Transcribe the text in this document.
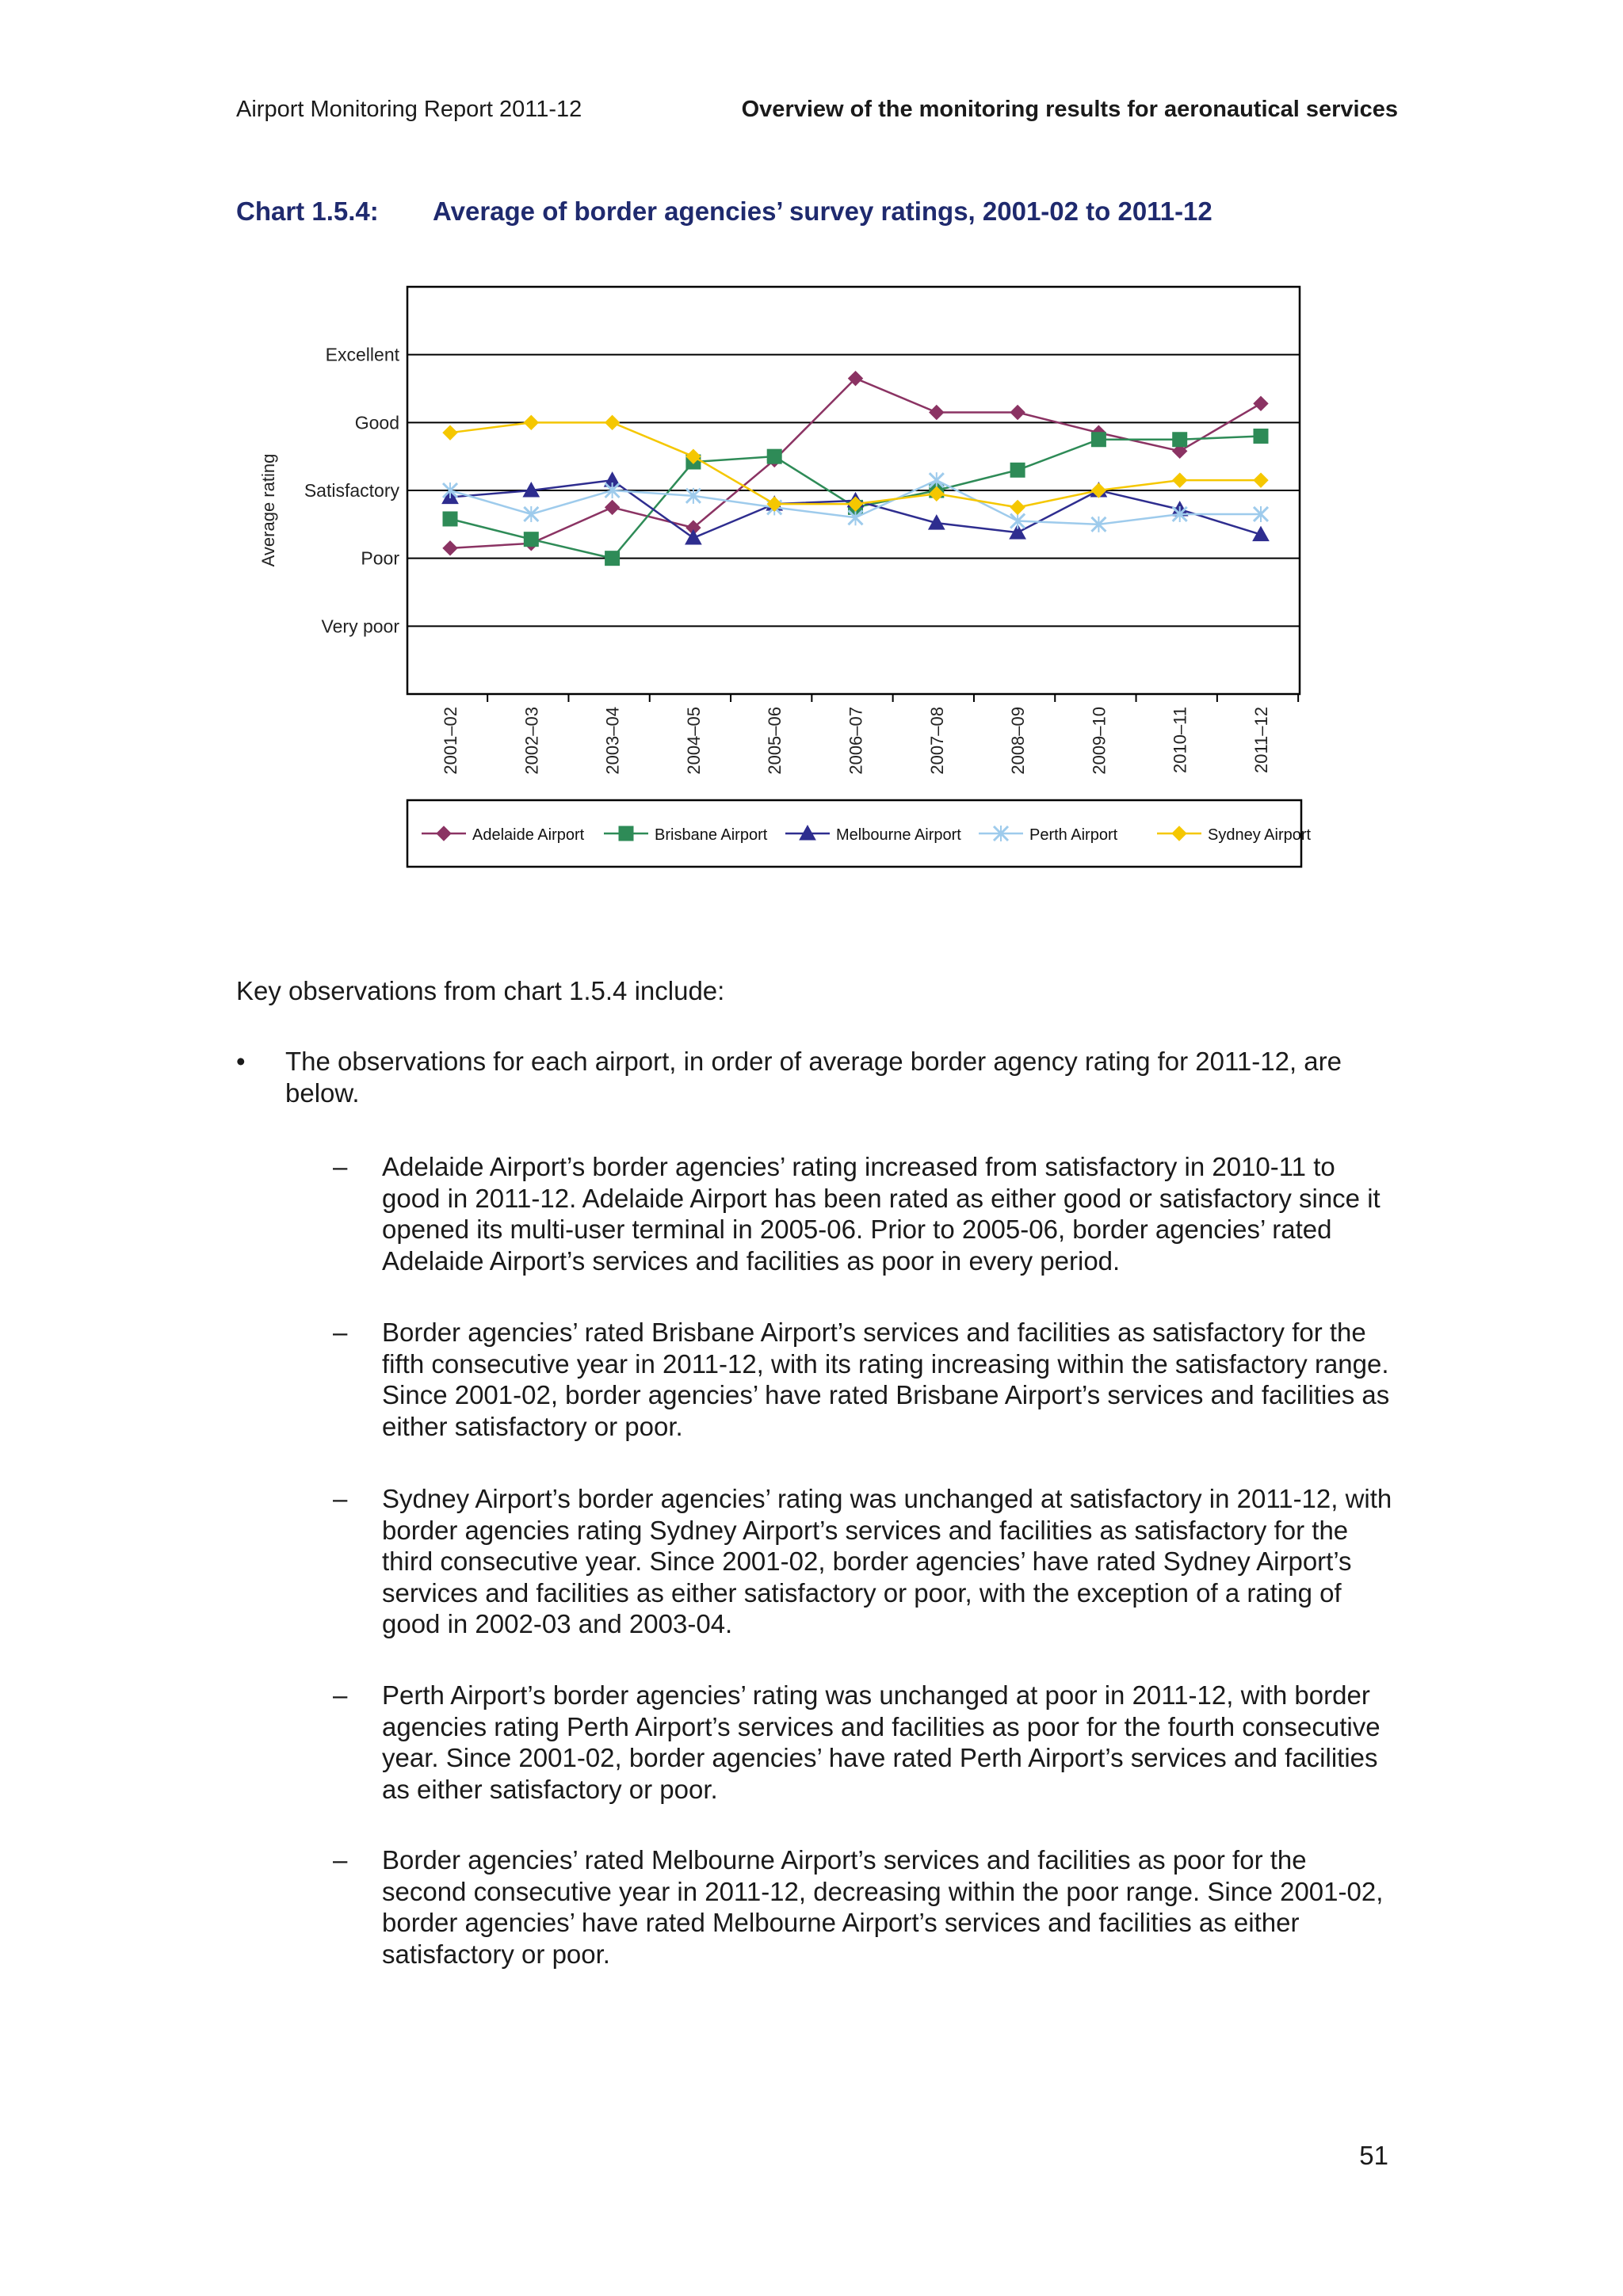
Airport Monitoring Report 2011-12	Overview of the monitoring results for aeronautical services
Chart 1.5.4: Average of border agencies’ survey ratings, 2001-02 to 2011-12
Very poor
Poor
Satisfactory
Good
Excellent
Average rating
2001–02	2002–03	2003–04	2004–05	2005–06	2006–07	2007–08	2008–09	2009–10	2010–11	2011–12
Adelaide Airport	Brisbane Airport	Melbourne Airport	Perth Airport	Sydney Airport
Key observations from chart 1.5.4 include:
• The observations for each airport, in order of average border agency rating for 2011-12, are below.
– Adelaide Airport’s border agencies’ rating increased from satisfactory in 2010-11 to good in 2011-12. Adelaide Airport has been rated as either good or satisfactory since it opened its multi-user terminal in 2005-06. Prior to 2005-06, border agencies’ rated Adelaide Airport’s services and facilities as poor in every period.
– Border agencies’ rated Brisbane Airport’s services and facilities as satisfactory for the fifth consecutive year in 2011-12, with its rating increasing within the satisfactory range. Since 2001-02, border agencies’ have rated Brisbane Airport’s services and facilities as either satisfactory or poor.
– Sydney Airport’s border agencies’ rating was unchanged at satisfactory in 2011-12, with border agencies rating Sydney Airport’s services and facilities as satisfactory for the third consecutive year. Since 2001-02, border agencies’ have rated Sydney Airport’s services and facilities as either satisfactory or poor, with the exception of a rating of good in 2002-03 and 2003-04.
– Perth Airport’s border agencies’ rating was unchanged at poor in 2011-12, with border agencies rating Perth Airport’s services and facilities as poor for the fourth consecutive year. Since 2001-02, border agencies’ have rated Perth Airport’s services and facilities as either satisfactory or poor.
– Border agencies’ rated Melbourne Airport’s services and facilities as poor for the second consecutive year in 2011-12, decreasing within the poor range. Since 2001-02, border agencies’ have rated Melbourne Airport’s services and facilities as either satisfactory or poor.
51
